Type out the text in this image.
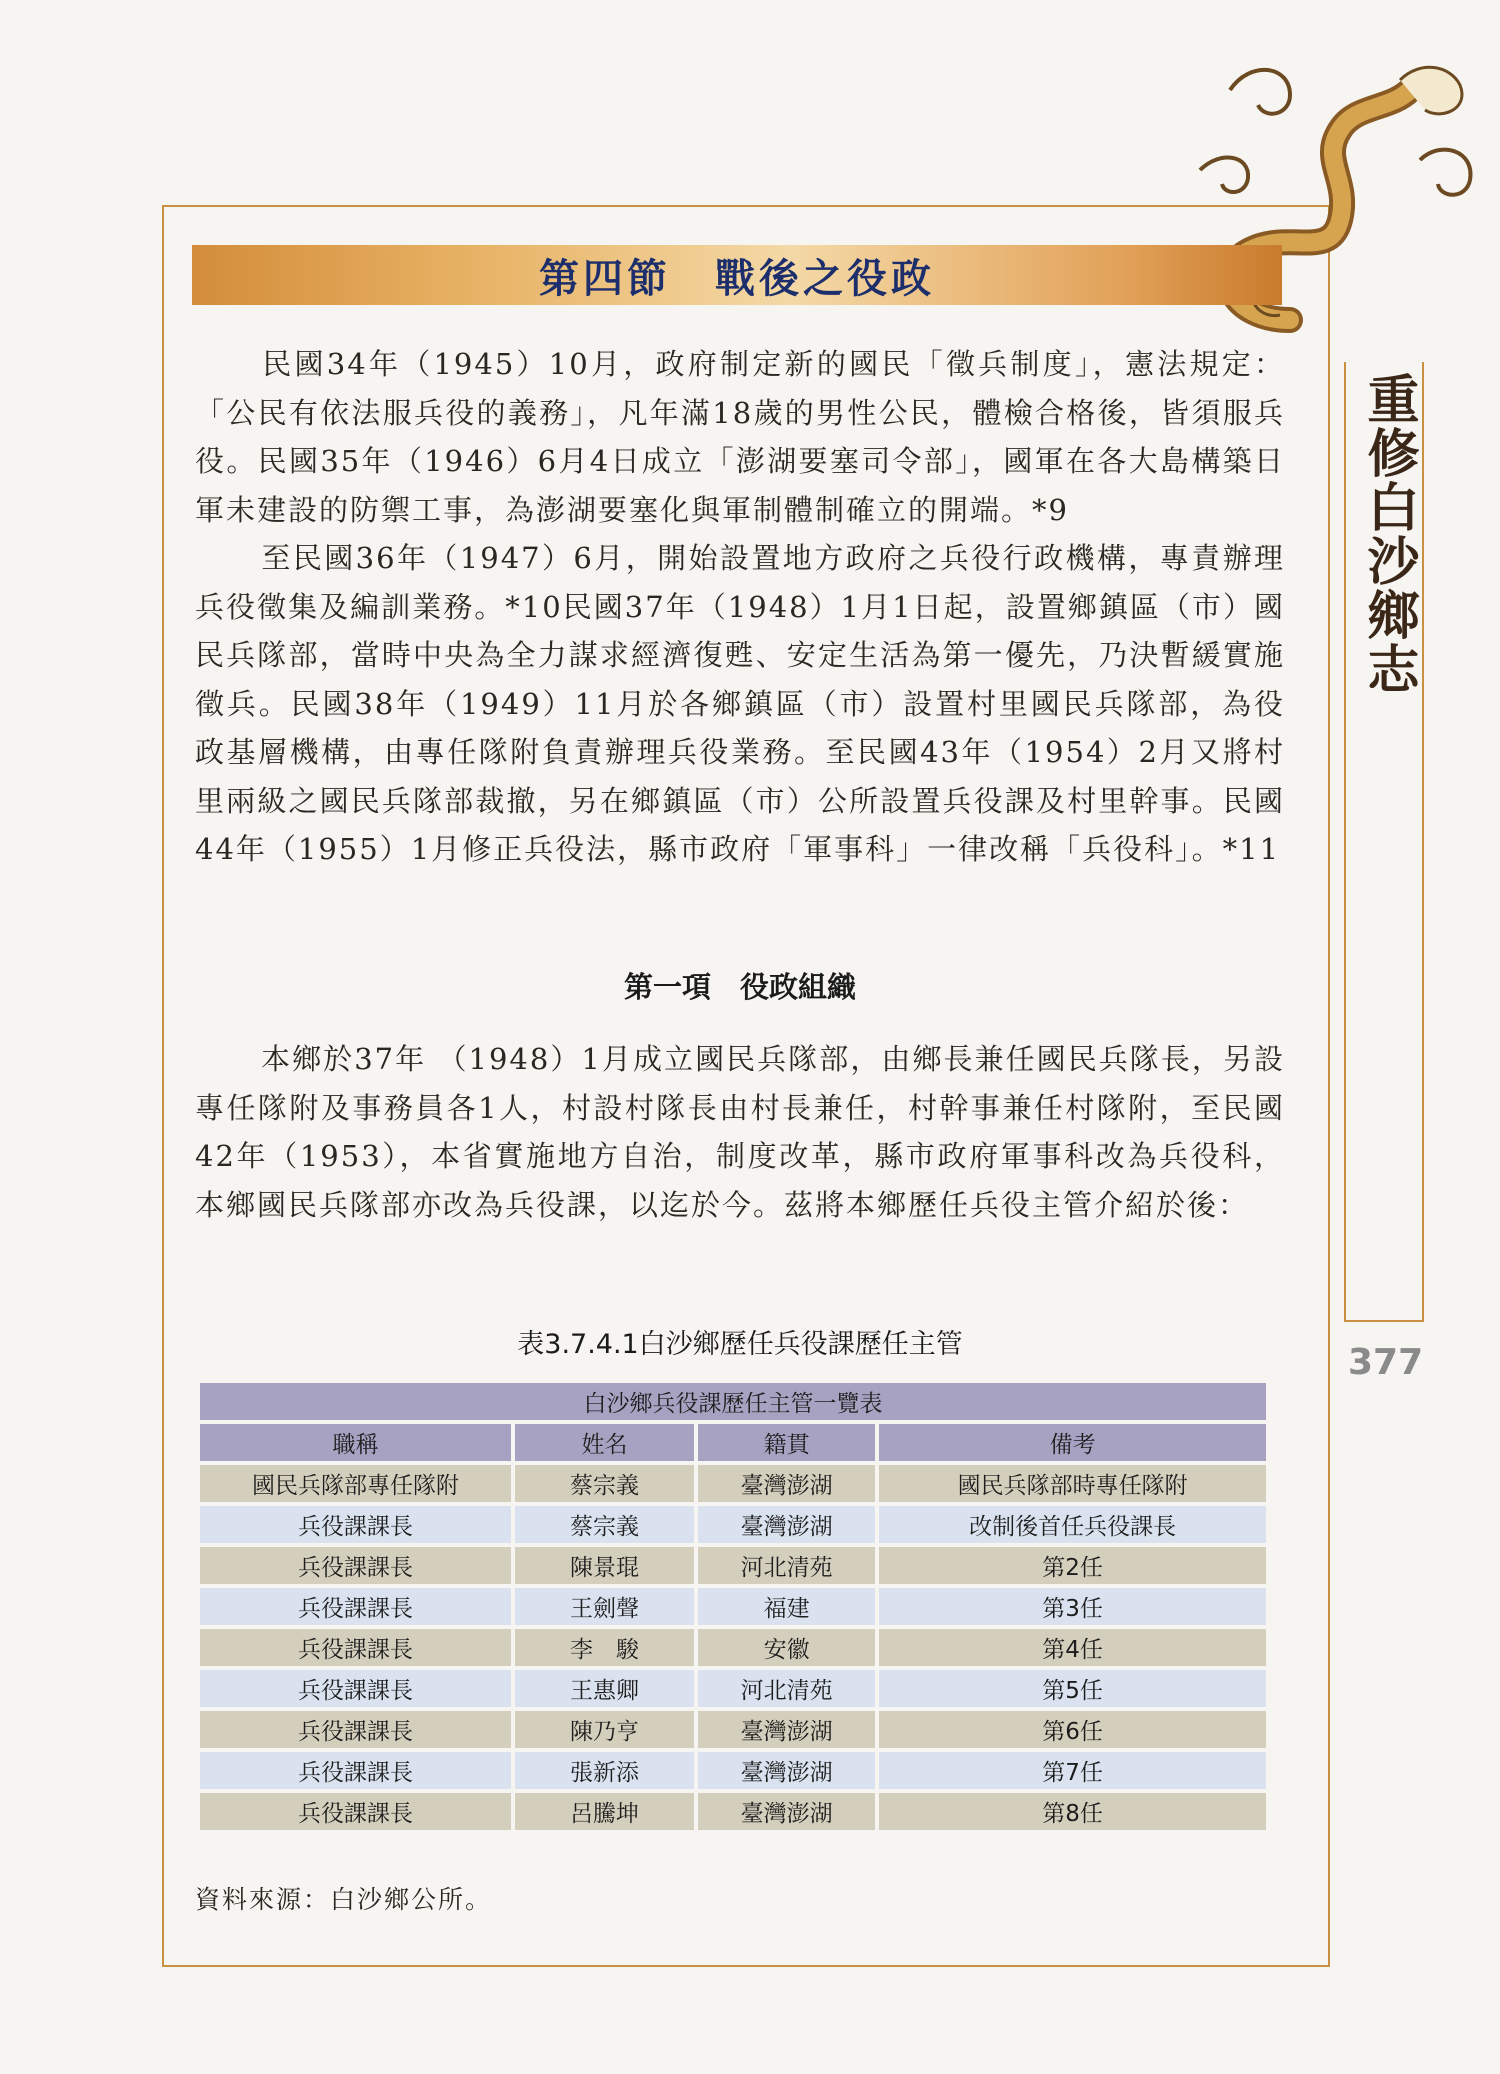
重修白沙鄉志
377
第四節　戰後之役政

民國34年（1945）10月，政府制定新的國民「徵兵制度」，憲法規定：「公民有依法服兵役的義務」，凡年滿18歲的男性公民，體檢合格後，皆須服兵役。民國35年（1946）6月4日成立「澎湖要塞司令部」，國軍在各大島構築日軍未建設的防禦工事，為澎湖要塞化與軍制體制確立的開端。*9

至民國36年（1947）6月，開始設置地方政府之兵役行政機構，專責辦理兵役徵集及編訓業務。*10民國37年（1948）1月1日起，設置鄉鎮區（市）國民兵隊部，當時中央為全力謀求經濟復甦、安定生活為第一優先，乃決暫緩實施徵兵。民國38年（1949）11月於各鄉鎮區（市）設置村里國民兵隊部，為役政基層機構，由專任隊附負責辦理兵役業務。至民國43年（1954）2月又將村里兩級之國民兵隊部裁撤，另在鄉鎮區（市）公所設置兵役課及村里幹事。民國44年（1955）1月修正兵役法，縣市政府「軍事科」一律改稱「兵役科」。*11

第一項　役政組織

本鄉於37年 （1948）1月成立國民兵隊部，由鄉長兼任國民兵隊長，另設專任隊附及事務員各1人，村設村隊長由村長兼任，村幹事兼任村隊附，至民國42年（1953），本省實施地方自治，制度改革，縣市政府軍事科改為兵役科，本鄉國民兵隊部亦改為兵役課，以迄於今。茲將本鄉歷任兵役主管介紹於後：

表3.7.4.1白沙鄉歷任兵役課歷任主管
白沙鄉兵役課歷任主管一覽表			
職稱	姓名	籍貫	備考
國民兵隊部專任隊附	蔡宗義	臺灣澎湖	國民兵隊部時專任隊附
兵役課課長	蔡宗義	臺灣澎湖	改制後首任兵役課長
兵役課課長	陳景琨	河北清苑	第2任
兵役課課長	王劍聲	福建	第3任
兵役課課長	李　駿	安徽	第4任
兵役課課長	王惠卿	河北清苑	第5任
兵役課課長	陳乃亨	臺灣澎湖	第6任
兵役課課長	張新添	臺灣澎湖	第7任
兵役課課長	呂騰坤	臺灣澎湖	第8任
資料來源：白沙鄉公所。
